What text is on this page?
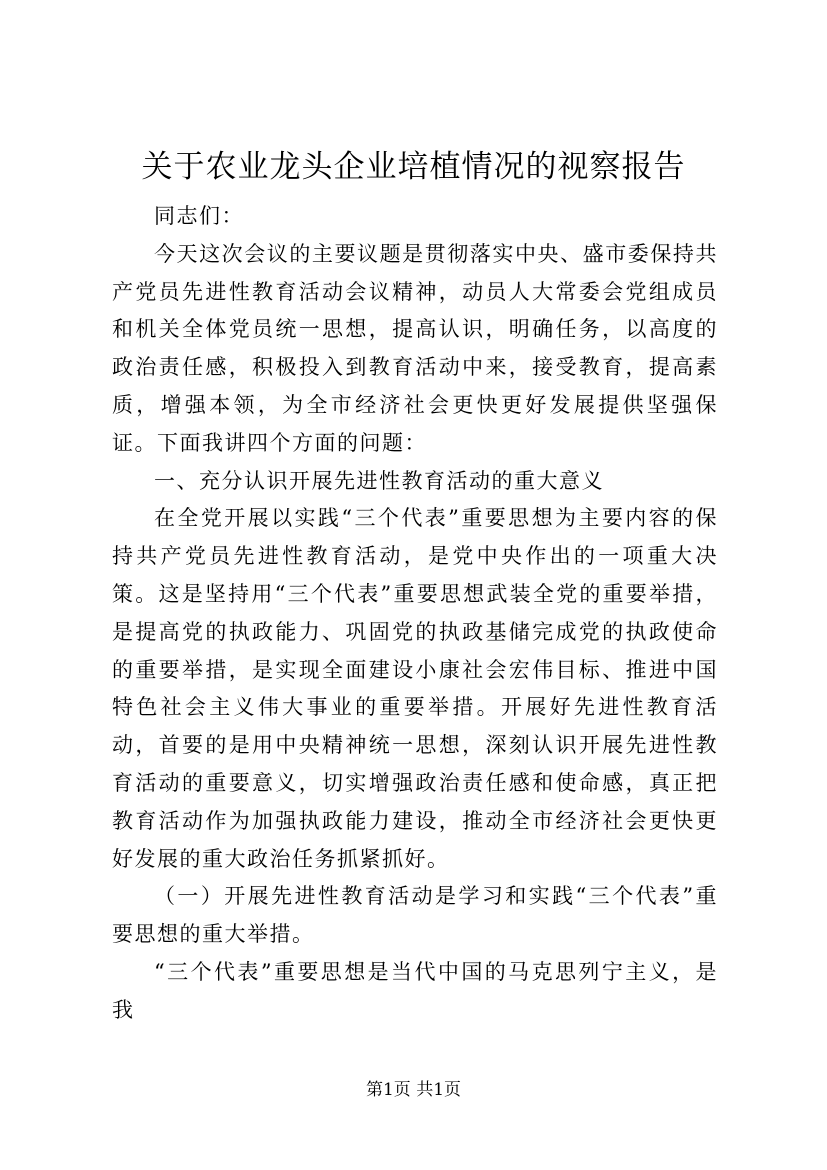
关于农业龙头企业培植情况的视察报告

同志们：

今天这次会议的主要议题是贯彻落实中央、盛市委保持共产党员先进性教育活动会议精神，动员人大常委会党组成员和机关全体党员统一思想，提高认识，明确任务，以高度的政治责任感，积极投入到教育活动中来，接受教育，提高素质，增强本领，为全市经济社会更快更好发展提供坚强保证。下面我讲四个方面的问题：

一、充分认识开展先进性教育活动的重大意义

在全党开展以实践“三个代表”重要思想为主要内容的保持共产党员先进性教育活动，是党中央作出的一项重大决策。这是坚持用“三个代表”重要思想武装全党的重要举措，是提高党的执政能力、巩固党的执政基储完成党的执政使命的重要举措，是实现全面建设小康社会宏伟目标、推进中国特色社会主义伟大事业的重要举措。开展好先进性教育活动，首要的是用中央精神统一思想，深刻认识开展先进性教育活动的重要意义，切实增强政治责任感和使命感，真正把教育活动作为加强执政能力建设，推动全市经济社会更快更好发展的重大政治任务抓紧抓好。

（一）开展先进性教育活动是学习和实践“三个代表”重要思想的重大举措。

“三个代表”重要思想是当代中国的马克思列宁主义，是我

第1页 共1页
